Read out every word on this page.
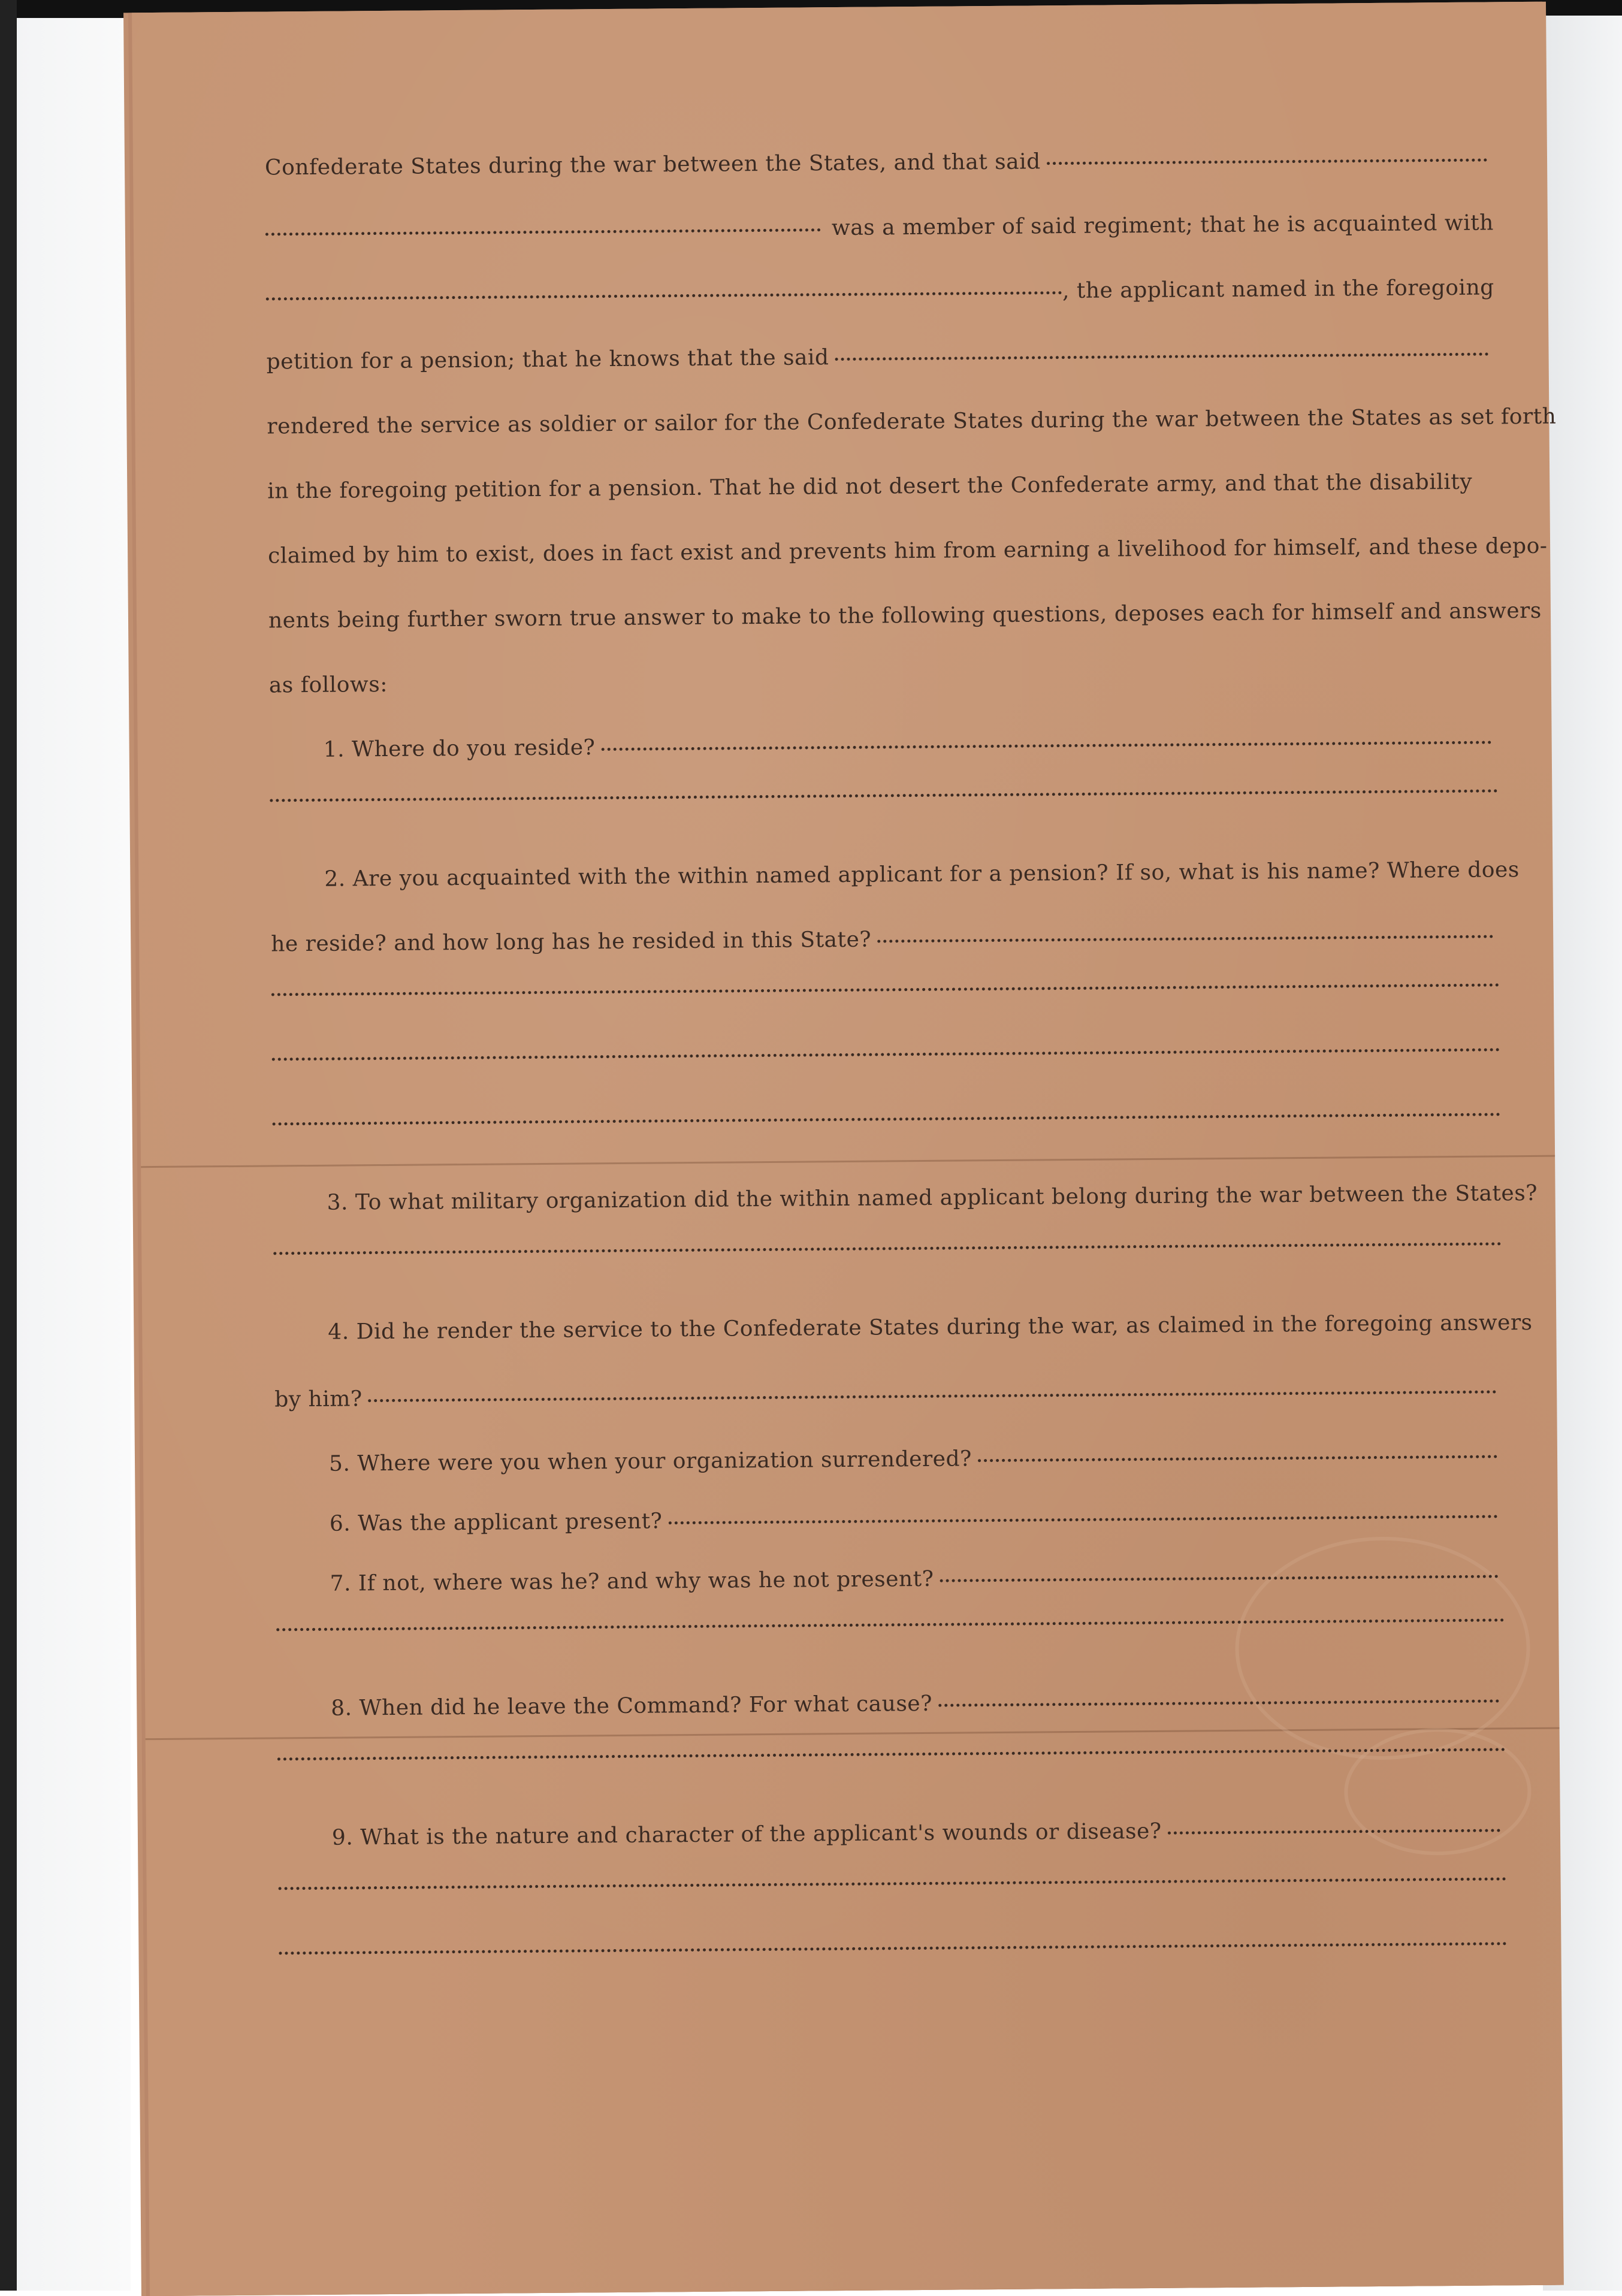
Confederate States during the war between the States, and that said
was a member of said regiment; that he is acquainted with
, the applicant named in the foregoing
petition for a pension; that he knows that the said
rendered the service as soldier or sailor for the Confederate States during the war between the States as set forth
in the foregoing petition for a pension. That he did not desert the Confederate army, and that the disability
claimed by him to exist, does in fact exist and prevents him from earning a livelihood for himself, and these depo-
nents being further sworn true answer to make to the following questions, deposes each for himself and answers
as follows:
1. Where do you reside?
2. Are you acquainted with the within named applicant for a pension? If so, what is his name? Where does
he reside? and how long has he resided in this State?
3. To what military organization did the within named applicant belong during the war between the States?
4. Did he render the service to the Confederate States during the war, as claimed in the foregoing answers
by him?
5. Where were you when your organization surrendered?
6. Was the applicant present?
7. If not, where was he? and why was he not present?
8. When did he leave the Command? For what cause?
9. What is the nature and character of the applicant's wounds or disease?
